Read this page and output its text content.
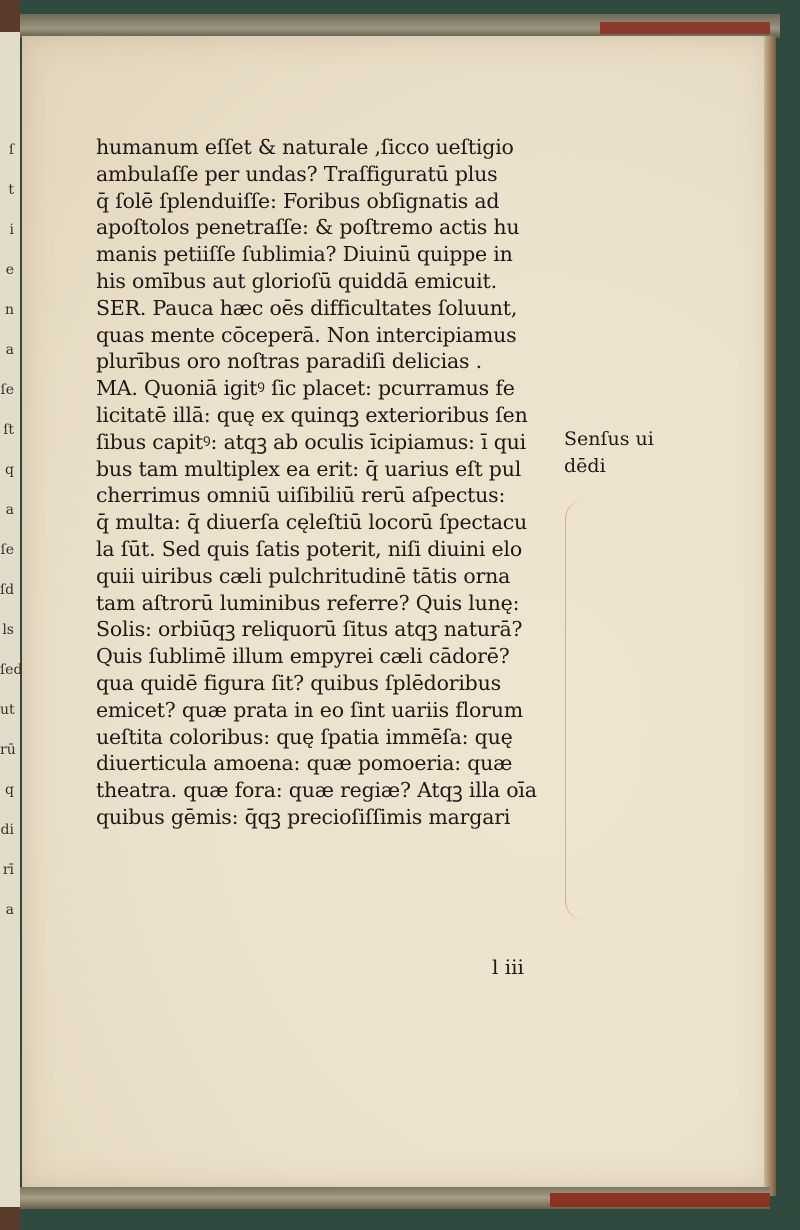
ſ
t
i
e
n
a
ſe
ſt
q
a
ſe
ſd
ls
ſed
ut
rū
q
di
rī
a
humanum eſſet & naturale ,ſicco ueſtigio
ambulaſſe per undas? Traſfiguratū plus
q̄ ſolē ſplenduiſſe: Foribus obſignatis ad
apoſtolos penetraſſe: & poſtremo actis hu
manis petiiſſe ſublimia? Diuinū quippe in
his omībus aut glorioſū quiddā emicuit.
SER. Pauca hæc oēs difficultates ſoluunt,
quas mente cōceperā. Non intercipiamus
plurībus oro noſtras paradiſi delicias .
MA. Quoniā igitꝰ ſic placet: pcurramus fe
licitatē illā: quę ex quinqꝫ exterioribus ſen
ſibus capitꝰ: atqꝫ ab oculis īcipiamus: ī qui
bus tam multiplex ea erit: q̄ uarius eſt pul
cherrimus omniū uiſibiliū rerū aſpectus:
q̄ multa: q̄ diuerſa cęleſtiū locorū ſpectacu
la ſūt. Sed quis ſatis poterit, niſi diuini elo
quii uiribus cæli pulchritudinē tātis orna
tam aſtrorū luminibus referre? Quis lunę:
Solis: orbiūqꝫ reliquorū ſitus atqꝫ naturā?
Quis ſublimē illum empyrei cæli cādorē?
qua quidē figura ſit? quibus ſplēdoribus
emicet? quæ prata in eo ſint uariis florum
ueſtita coloribus: quę ſpatia immēſa: quę
diuerticula amoena: quæ pomoeria: quæ
theatra. quæ fora: quæ regiæ? Atqꝫ illa oīa
quibus gēmis: q̄qꝫ precioſiſſimis margari
l iii
Senſus ui
dēdi
